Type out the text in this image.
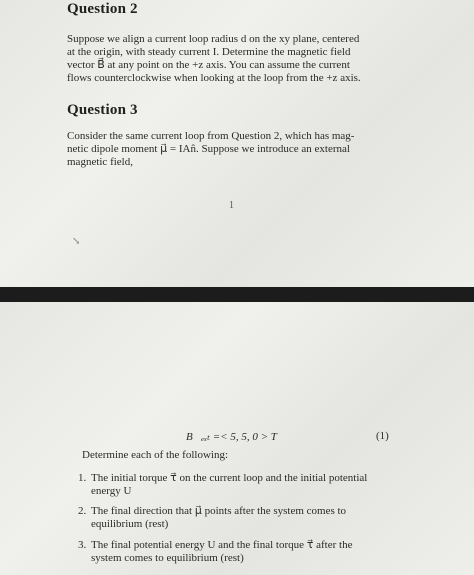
Question 2
Suppose we align a current loop radius d on the xy plane, centered
at the origin, with steady current I. Determine the magnetic field
vector B⃗ at any point on the +z axis. You can assume the current
flows counterclockwise when looking at the loop from the +z axis.
Question 3
Consider the same current loop from Question 2, which has mag-
netic dipole moment μ⃗ = IAn̂. Suppose we introduce an external
magnetic field,
1
↘
B⃗ₑₓₜ =< 5, 5, 0 > T	(1)
Determine each of the following:
1. The initial torque τ⃗ on the current loop and the initial potential
energy U
2. The final direction that μ⃗ points after the system comes to
equilibrium (rest)
3. The final potential energy U and the final torque τ⃗ after the
system comes to equilibrium (rest)
